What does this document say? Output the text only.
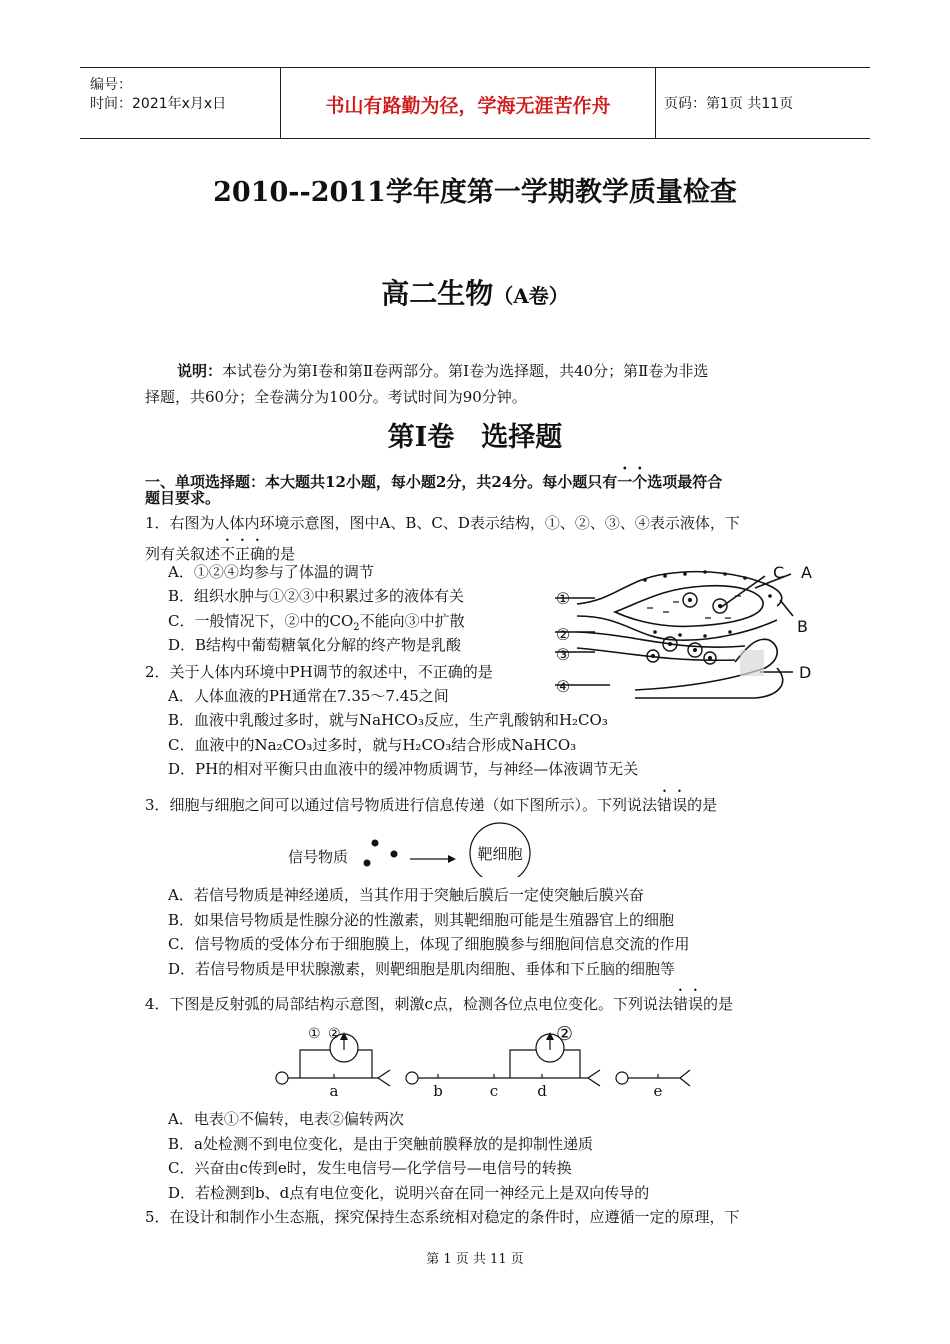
编号：
时间：2021年x月x日	书山有路勤为径，学海无涯苦作舟	页码：第1页 共11页
2010--2011学年度第一学期教学质量检查
高二生物（A卷）
说明：本试卷分为第Ⅰ卷和第Ⅱ卷两部分。第Ⅰ卷为选择题，共40分；第Ⅱ卷为非选
择题，共60分；全卷满分为100分。考试时间为90分钟。
第Ⅰ卷　选择题
一、单项选择题：本大题共12小题，每小题2分，共24分。每小题只有一个选项最符合
题目要求。
1．右图为人体内环境示意图，图中A、B、C、D表示结构，①、②、③、④表示液体，下
列有关叙述不正确的是
A．①②④均参与了体温的调节
B．组织水肿与①②③中积累过多的液体有关
C．一般情况下，②中的$CO_2$不能向③中扩散
D．B结构中葡萄糖氧化分解的终产物是乳酸
①
②
③
④
C A
B
D
2．关于人体内环境中PH调节的叙述中，不正确的是
A．人体血液的PH通常在7.35～7.45之间
B．血液中乳酸过多时，就与NaHCO₃反应，生产乳酸钠和H₂CO₃
C．血液中的Na₂CO₃过多时，就与H₂CO₃结合形成NaHCO₃
D．PH的相对平衡只由血液中的缓冲物质调节，与神经—体液调节无关
3．细胞与细胞之间可以通过信号物质进行信息传递（如下图所示）。下列说法错误的是
信号物质	靶细胞
A．若信号物质是神经递质，当其作用于突触后膜后一定使突触后膜兴奋
B．如果信号物质是性腺分泌的性激素，则其靶细胞可能是生殖器官上的细胞
C．信号物质的受体分布于细胞膜上，体现了细胞膜参与细胞间信息交流的作用
D．若信号物质是甲状腺激素，则靶细胞是肌肉细胞、垂体和下丘脑的细胞等
4．下图是反射弧的局部结构示意图，刺激c点，检测各位点电位变化。下列说法错误的是
① ②	②
a	b	c	d	e
A．电表①不偏转，电表②偏转两次
B．a处检测不到电位变化，是由于突触前膜释放的是抑制性递质
C．兴奋由c传到e时，发生电信号—化学信号—电信号的转换
D．若检测到b、d点有电位变化，说明兴奋在同一神经元上是双向传导的
5．在设计和制作小生态瓶，探究保持生态系统相对稳定的条件时，应遵循一定的原理，下
第 1 页 共 11 页
